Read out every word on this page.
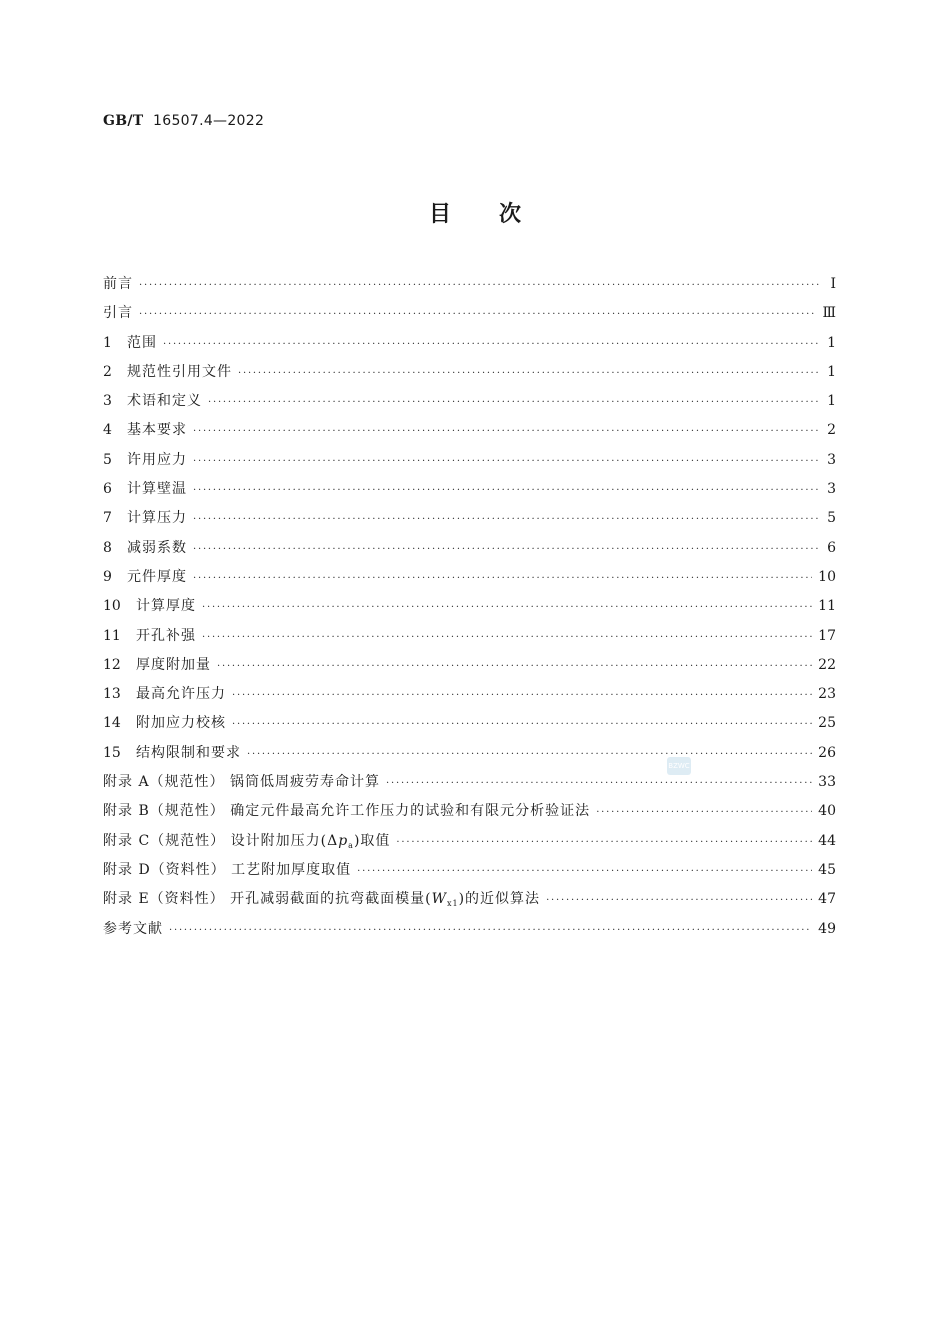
GB/T 16507.4—2022
目次
前言 ·····	Ⅰ
引言 ·····	Ⅲ
1	范围 ·····	1
2	规范性引用文件 ·····	1
3	术语和定义 ·····	1
4	基本要求 ·····	2
5	许用应力 ·····	3
6	计算壁温 ·····	3
7	计算压力 ·····	5
8	减弱系数 ·····	6
9	元件厚度 ·····	10
10	计算厚度 ·····	11
11	开孔补强 ·····	17
12	厚度附加量 ·····	22
13	最高允许压力 ·····	23
14	附加应力校核 ·····	25
15	结构限制和要求 ·····	26
附录 A（规范性） 锅筒低周疲劳寿命计算 ·····	33
附录 B（规范性） 确定元件最高允许工作压力的试验和有限元分析验证法 ·····	40
附录 C（规范性） 设计附加压力$(\Delta p_a)$取值 ·····	44
附录 D（资料性） 工艺附加厚度取值 ·····	45
附录 E（资料性） 开孔减弱截面的抗弯截面模量$(W_{x1})$的近似算法 ·····	47
参考文献 ·····	49
BZWC
